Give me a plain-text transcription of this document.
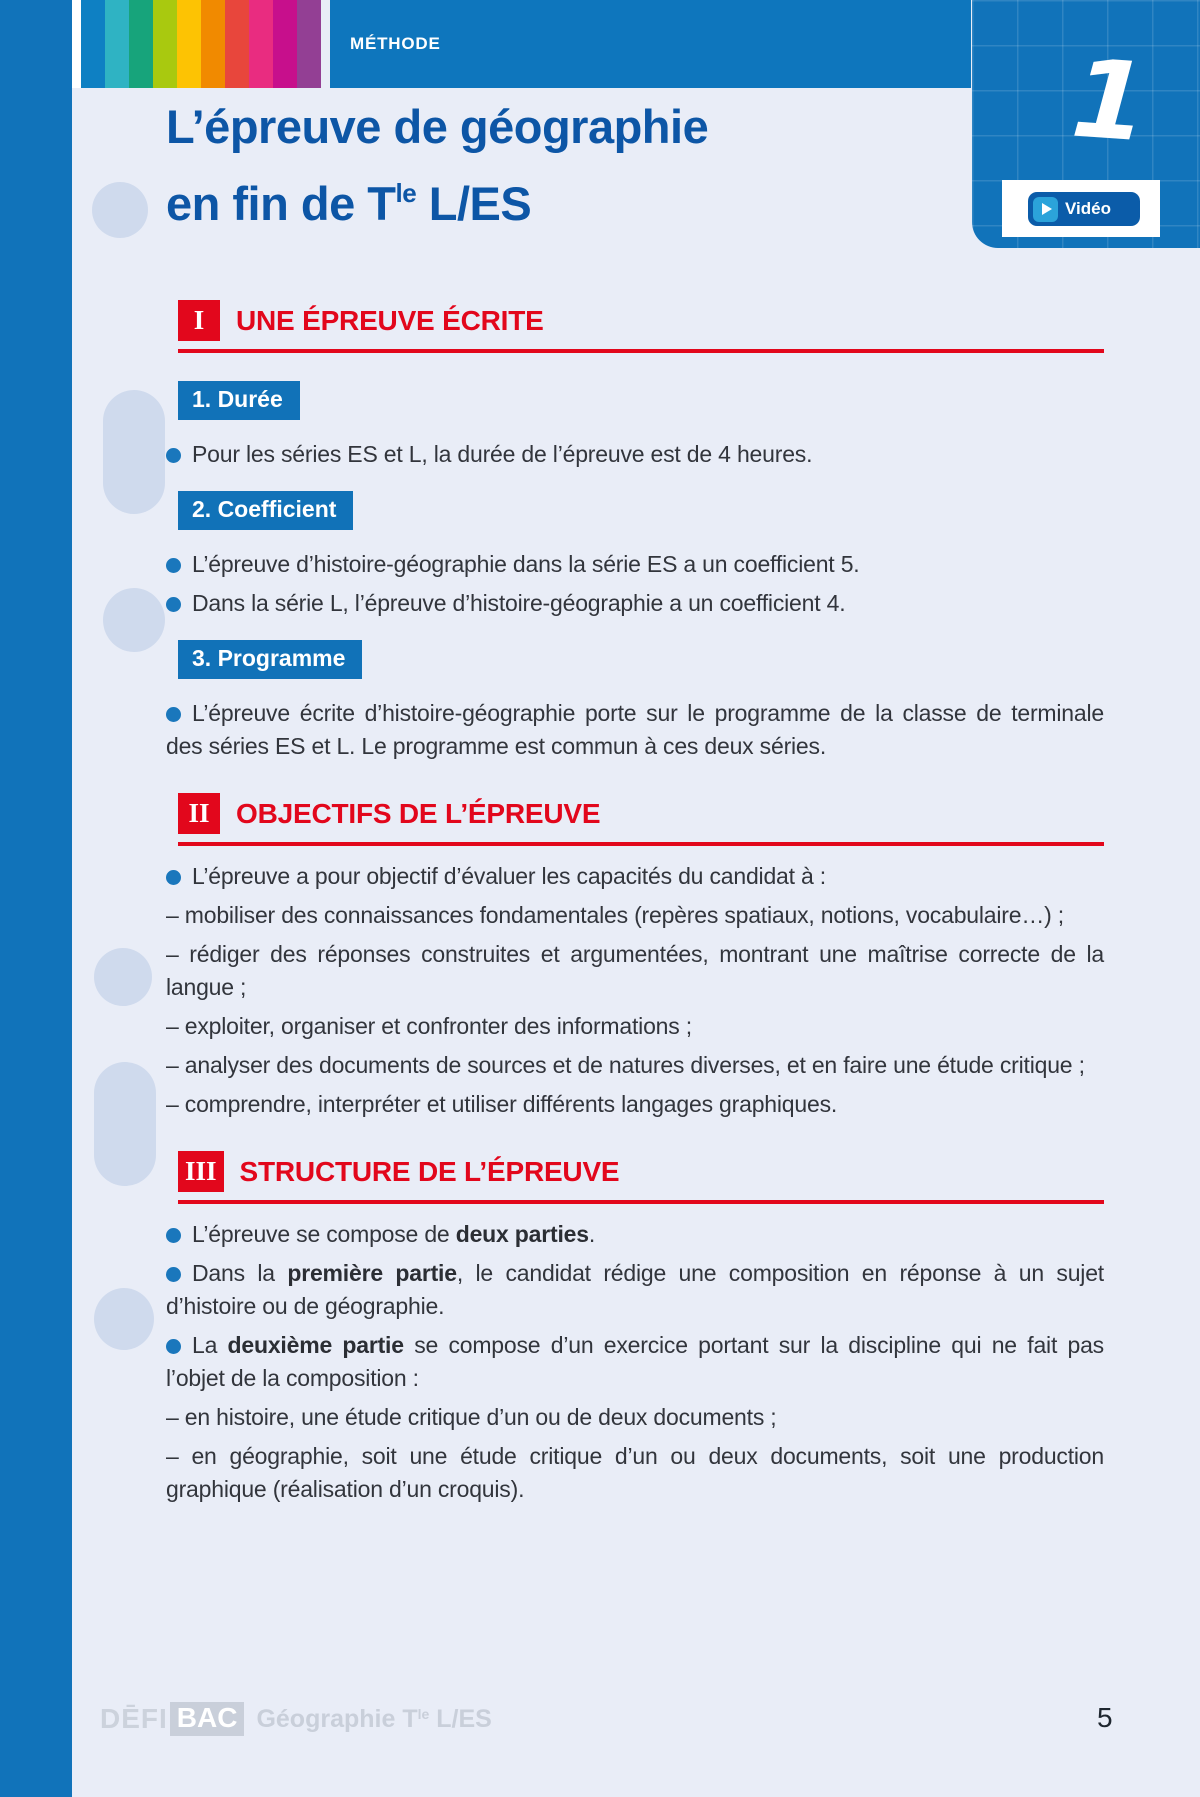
MÉTHODE	1
Vidéo
L’épreuve de géographie
en fin de $T^{le}$ L/ES
I	UNE ÉPREUVE ÉCRITE
1. Durée

Pour les séries ES et L, la durée de l’épreuve est de 4 heures.

2. Coefficient

L’épreuve d’histoire-géographie dans la série ES a un coefficient 5.

Dans la série L, l’épreuve d’histoire-géographie a un coefficient 4.

3. Programme

L’épreuve écrite d’histoire-géographie porte sur le programme de la classe de terminale des séries ES et L. Le programme est commun à ces deux séries.

II OBJECTIFS DE L’ÉPREUVE

L’épreuve a pour objectif d’évaluer les capacités du candidat à :

– mobiliser des connaissances fondamentales (repères spatiaux, notions, vocabulaire…) ;

– rédiger des réponses construites et argumentées, montrant une maîtrise correcte de la langue ;

– exploiter, organiser et confronter des informations ;

– analyser des documents de sources et de natures diverses, et en faire une étude critique ;

– comprendre, interpréter et utiliser différents langages graphiques.

III STRUCTURE DE L’ÉPREUVE

L’épreuve se compose de deux parties.

Dans la première partie, le candidat rédige une composition en réponse à un sujet d’histoire ou de géographie.

La deuxième partie se compose d’un exercice portant sur la discipline qui ne fait pas l’objet de la composition :

– en histoire, une étude critique d’un ou de deux documents ;

– en géographie, soit une étude critique d’un ou deux documents, soit une production graphique (réalisation d’un croquis).

DĒFI BAC Géographie $T^{le}$ L/ES	5
